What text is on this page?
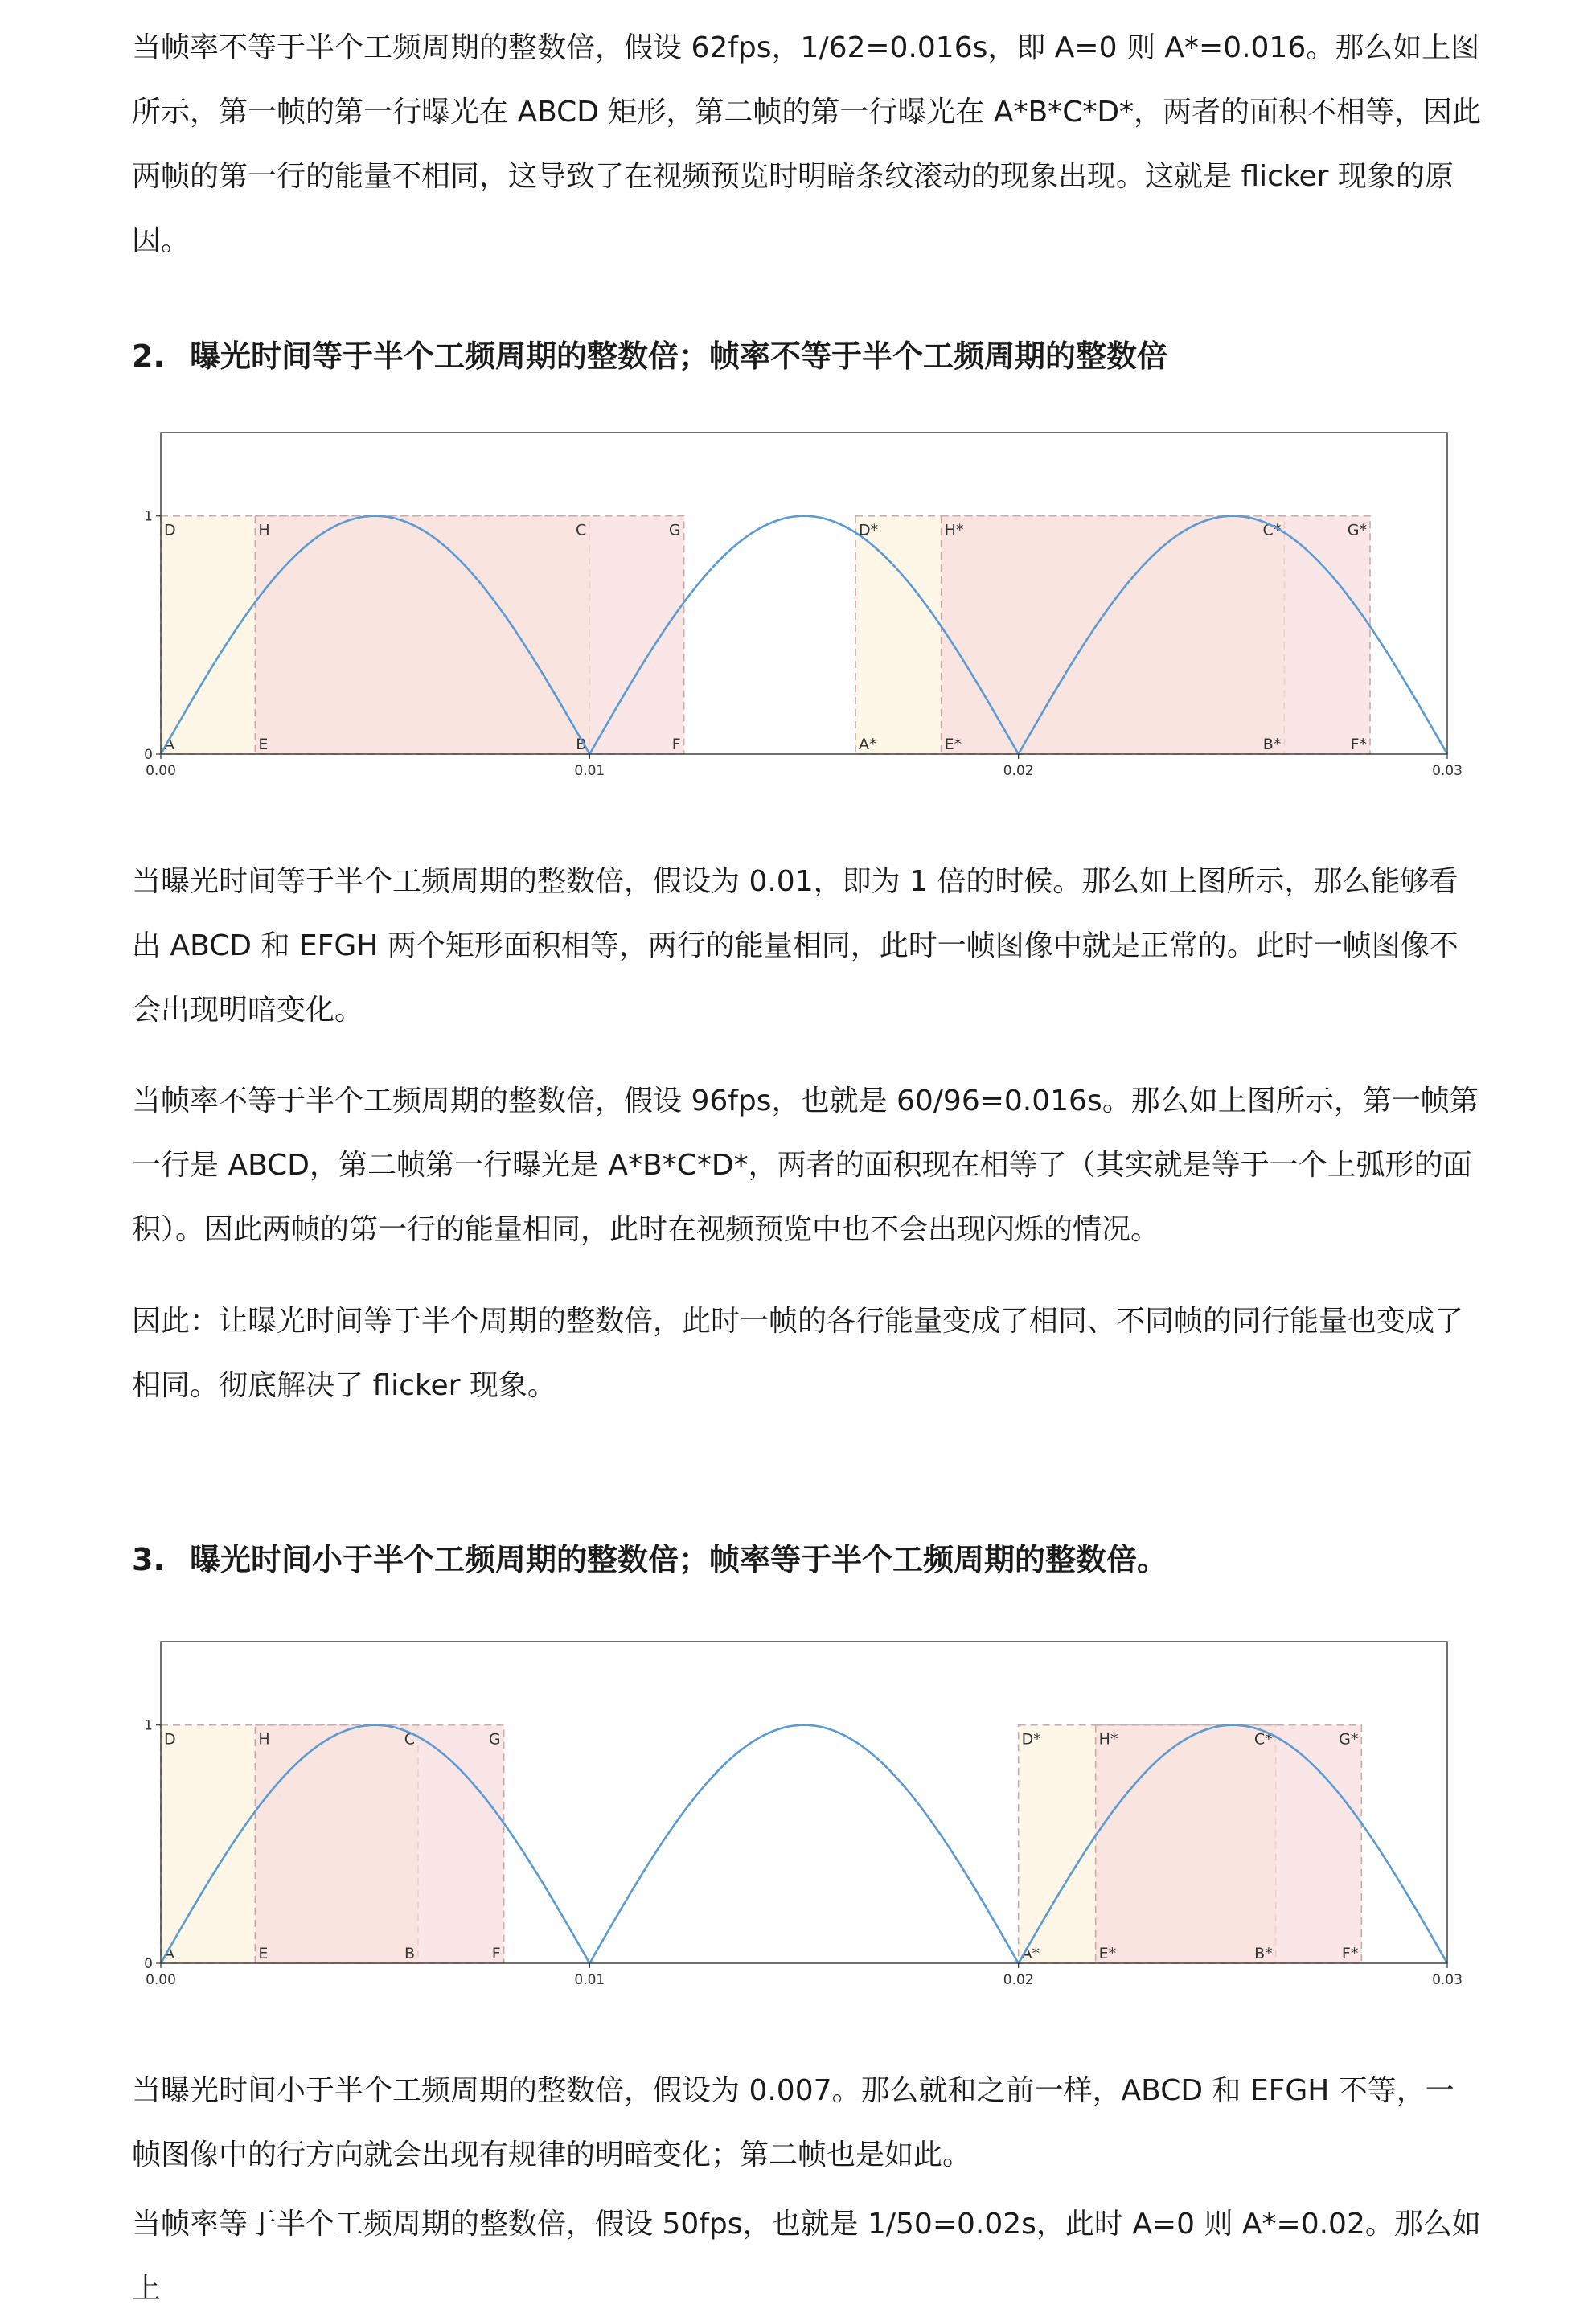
当帧率不等于半个工频周期的整数倍，假设 62fps，1/62=0.016s，即 A=0 则 A*=0.016。那么如上图所示，第一帧的第一行曝光在 ABCD 矩形，第二帧的第一行曝光在 A*B*C*D*，两者的面积不相等，因此两帧的第一行的能量不相同，这导致了在视频预览时明暗条纹滚动的现象出现。这就是 flicker 现象的原因。

2. 曝光时间等于半个工频周期的整数倍；帧率不等于半个工频周期的整数倍
A	B
C
D
E	F
G
H
A*	B*
C*
D*
E*	F*
G*
H*
0.00	0.01	0.02	0.03
0
1

当曝光时间等于半个工频周期的整数倍，假设为 0.01，即为 1 倍的时候。那么如上图所示，那么能够看出 ABCD 和 EFGH 两个矩形面积相等，两行的能量相同，此时一帧图像中就是正常的。此时一帧图像不会出现明暗变化。

当帧率不等于半个工频周期的整数倍，假设 96fps，也就是 60/96=0.016s。那么如上图所示，第一帧第一行是 ABCD，第二帧第一行曝光是 A*B*C*D*，两者的面积现在相等了（其实就是等于一个上弧形的面积）。因此两帧的第一行的能量相同，此时在视频预览中也不会出现闪烁的情况。

因此：让曝光时间等于半个周期的整数倍，此时一帧的各行能量变成了相同、不同帧的同行能量也变成了相同。彻底解决了 flicker 现象。

3. 曝光时间小于半个工频周期的整数倍；帧率等于半个工频周期的整数倍。
A	B
C
D
E	F
G
H
A*	B*
C*
D*
E*	F*
G*
H*
0.00	0.01	0.02	0.03
0
1

当曝光时间小于半个工频周期的整数倍，假设为 0.007。那么就和之前一样，ABCD 和 EFGH 不等，一帧图像中的行方向就会出现有规律的明暗变化；第二帧也是如此。

当帧率等于半个工频周期的整数倍，假设 50fps，也就是 1/50=0.02s，此时 A=0 则 A*=0.02。那么如上
